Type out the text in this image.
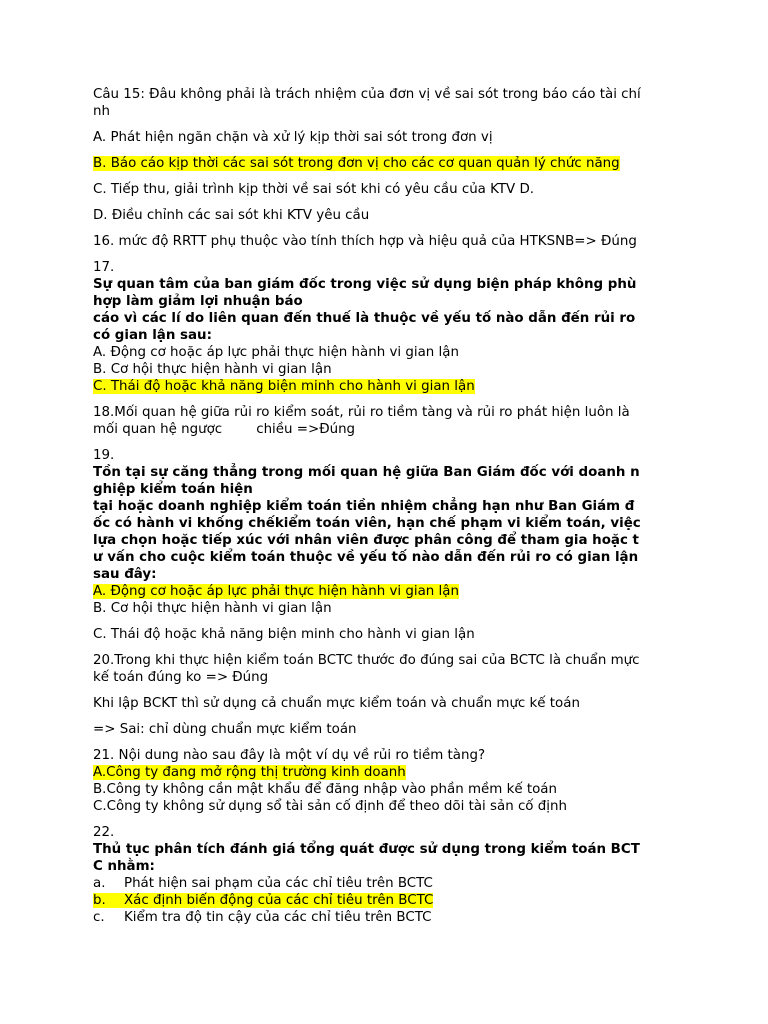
Câu 15: Đâu không phải là trách nhiệm của đơn vị về sai sót trong báo cáo tài chí
nh
A. Phát hiện ngăn chặn và xử lý kịp thời sai sót trong đơn vị
B. Báo cáo kịp thời các sai sót trong đơn vị cho các cơ quan quản lý chức năng
C. Tiếp thu, giải trình kịp thời về sai sót khi có yêu cầu của KTV D.
D. Điều chỉnh các sai sót khi KTV yêu cầu
16. mức độ RRTT phụ thuộc vào tính thích hợp và hiệu quả của HTKSNB=> Đúng
17.
Sự quan tâm của ban giám đốc trong việc sử dụng biện pháp không phù
hợp làm giảm lợi nhuận báo
cáo vì các lí do liên quan đến thuế là thuộc về yếu tố nào dẫn đến rủi ro
có gian lận sau:
A. Động cơ hoặc áp lực phải thực hiện hành vi gian lận
B. Cơ hội thực hiện hành vi gian lận
C. Thái độ hoặc khả năng biện minh cho hành vi gian lận
18.Mối quan hệ giữa rủi ro kiểm soát, rủi ro tiềm tàng và rủi ro phát hiện luôn là
mối quan hệ ngược        chiều =>Đúng
19.
Tồn tại sự căng thẳng trong mối quan hệ giữa Ban Giám đốc với doanh n
ghiệp kiểm toán hiện
tại hoặc doanh nghiệp kiểm toán tiền nhiệm chẳng hạn như Ban Giám đ
ốc có hành vi khống chếkiểm toán viên, hạn chế phạm vi kiểm toán, việc
lựa chọn hoặc tiếp xúc với nhân viên được phân công để tham gia hoặc t
ư vấn cho cuộc kiểm toán thuộc về yếu tố nào dẫn đến rủi ro có gian lận
sau đây:
A. Động cơ hoặc áp lực phải thực hiện hành vi gian lận
B. Cơ hội thực hiện hành vi gian lận
C. Thái độ hoặc khả năng biện minh cho hành vi gian lận
20.Trong khi thực hiện kiểm toán BCTC thước đo đúng sai của BCTC là chuẩn mực
kế toán đúng ko => Đúng
Khi lập BCKT thì sử dụng cả chuẩn mực kiểm toán và chuẩn mực kế toán
=> Sai: chỉ dùng chuẩn mực kiểm toán
21. Nội dung nào sau đây là một ví dụ về rủi ro tiềm tàng?
A.Công ty đang mở rộng thị trường kinh doanh
B.Công ty không cần mật khẩu để đăng nhập vào phần mềm kế toán
C.Công ty không sử dụng sổ tài sản cố định để theo dõi tài sản cố định
22.
Thủ tục phân tích đánh giá tổng quát được sử dụng trong kiểm toán BCT
C nhằm:
a. Phát hiện sai phạm của các chỉ tiêu trên BCTC
b. Xác định biến động của các chỉ tiêu trên BCTC
c. Kiểm tra độ tin cậy của các chỉ tiêu trên BCTC
